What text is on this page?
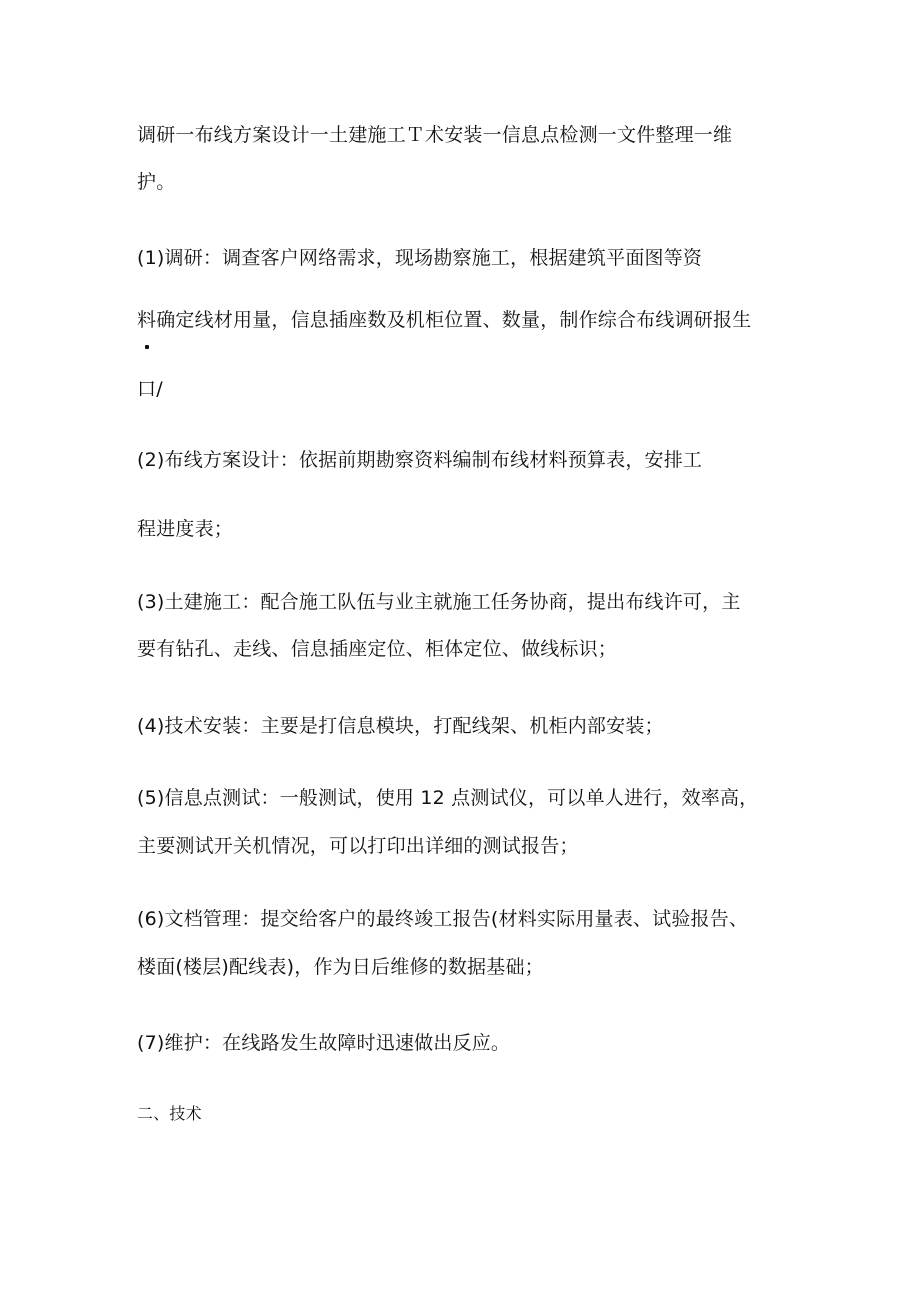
调研一布线方案设计一土建施工Ｔ术安装一信息点检测一文件整理一维
护。
(1)调研：调查客户网络需求，现场勘察施工，根据建筑平面图等资
料确定线材用量，信息插座数及机柜位置、数量，制作综合布线调研报生
口/
(2)布线方案设计：依据前期勘察资料编制布线材料预算表，安排工
程进度表；
(3)土建施工：配合施工队伍与业主就施工任务协商，提出布线许可，主
要有钻孔、走线、信息插座定位、柜体定位、做线标识；
(4)技术安装：主要是打信息模块，打配线架、机柜内部安装；
(5)信息点测试：一般测试，使用 12 点测试仪，可以单人进行，效率高，
主要测试开关机情况，可以打印出详细的测试报告；
(6)文档管理：提交给客户的最终竣工报告(材料实际用量表、试验报告、
楼面(楼层)配线表)，作为日后维修的数据基础；
(7)维护：在线路发生故障时迅速做出反应。
二、技术
